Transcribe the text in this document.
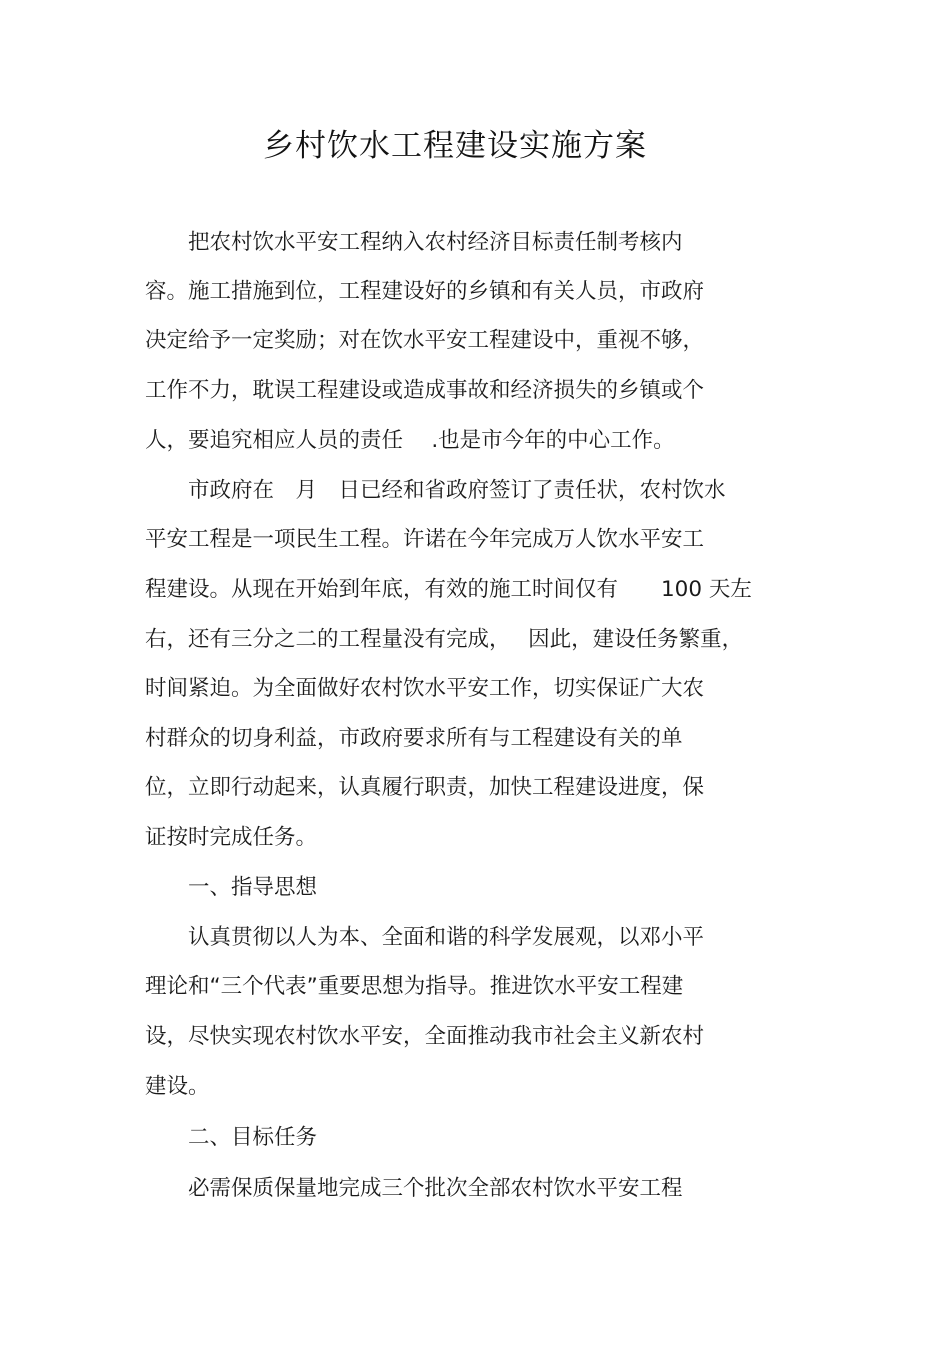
乡村饮水工程建设实施方案
　　把农村饮水平安工程纳入农村经济目标责任制考核内
容。施工措施到位，工程建设好的乡镇和有关人员，市政府
决定给予一定奖励；对在饮水平安工程建设中，重视不够，
工作不力，耽误工程建设或造成事故和经济损失的乡镇或个
人，要追究相应人员的责任　 .也是市今年的中心工作。
　　市政府在　月　日已经和省政府签订了责任状，农村饮水
平安工程是一项民生工程。许诺在今年完成万人饮水平安工
程建设。从现在开始到年底，有效的施工时间仅有　　100 天左
右，还有三分之二的工程量没有完成，　 因此，建设任务繁重，
时间紧迫。为全面做好农村饮水平安工作，切实保证广大农
村群众的切身利益，市政府要求所有与工程建设有关的单
位，立即行动起来，认真履行职责，加快工程建设进度，保
证按时完成任务。
　　一、指导思想
　　认真贯彻以人为本、全面和谐的科学发展观，以邓小平
理论和“三个代表”重要思想为指导。推进饮水平安工程建
设，尽快实现农村饮水平安，全面推动我市社会主义新农村
建设。
　　二、目标任务
　　必需保质保量地完成三个批次全部农村饮水平安工程
